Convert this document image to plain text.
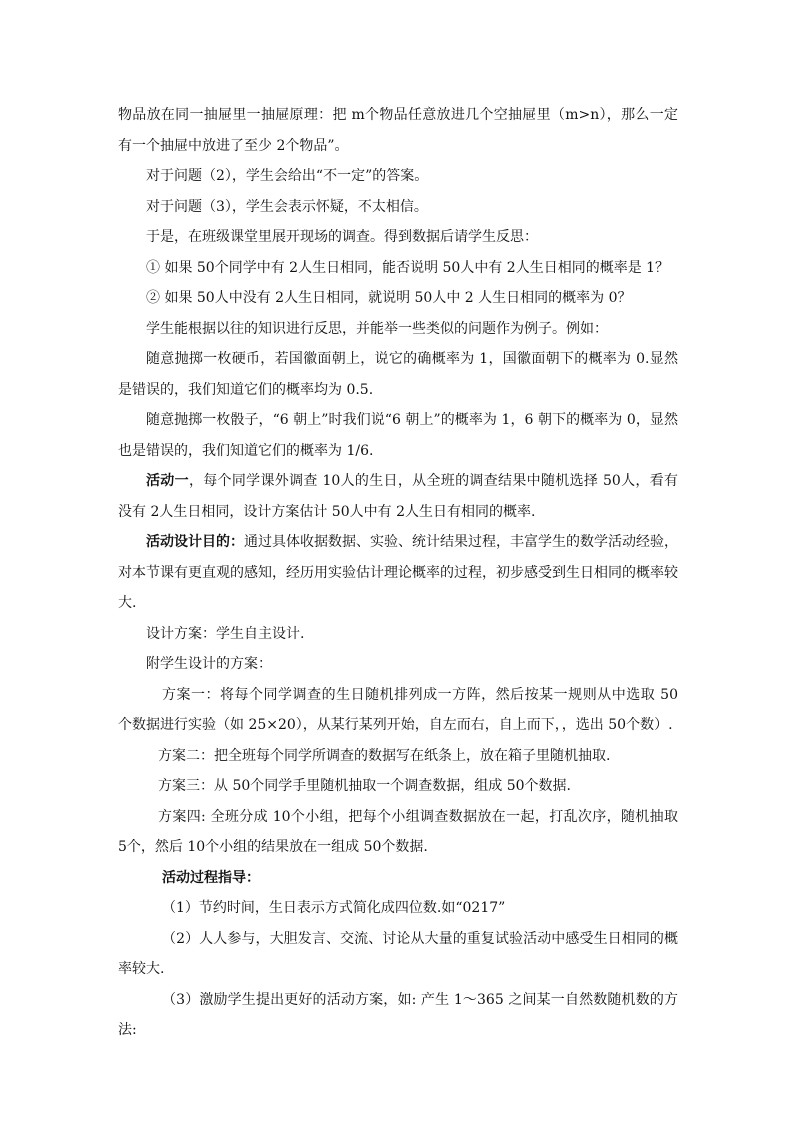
物品放在同一抽屉里一抽屉原理：把 m个物品任意放进几个空抽屉里（m>n），那么一定有一个抽屉中放进了至少 2个物品”。

对于问题（2），学生会给出“不一定”的答案。

对于问题（3），学生会表示怀疑，不太相信。

于是，在班级课堂里展开现场的调查。得到数据后请学生反思：

① 如果 50个同学中有 2人生日相同，能否说明 50人中有 2人生日相同的概率是 1？

② 如果 50人中没有 2人生日相同，就说明 50人中 2 人生日相同的概率为 0？

学生能根据以往的知识进行反思，并能举一些类似的问题作为例子。例如：

随意抛掷一枚硬币，若国徽面朝上，说它的确概率为 1，国徽面朝下的概率为 0.显然是错误的，我们知道它们的概率均为 0.5.

随意抛掷一枚骰子，“6 朝上”时我们说“6 朝上”的概率为 1，6 朝下的概率为 0，显然也是错误的，我们知道它们的概率为 1/6.

活动一，每个同学课外调查 10人的生日，从全班的调查结果中随机选择 50人，看有没有 2人生日相同，设计方案估计 50人中有 2人生日有相同的概率.

活动设计目的：通过具体收据数据、实验、统计结果过程，丰富学生的数学活动经验，对本节课有更直观的感知，经历用实验估计理论概率的过程，初步感受到生日相同的概率较大.

设计方案：学生自主设计.

附学生设计的方案：

方案一：将每个同学调查的生日随机排列成一方阵，然后按某一规则从中选取 50 个数据进行实验（如 25×20），从某行某列开始，自左而右，自上而下，，选出 50个数）.

方案二：把全班每个同学所调查的数据写在纸条上，放在箱子里随机抽取.

方案三：从 50个同学手里随机抽取一个调查数据，组成 50个数据.

方案四: 全班分成 10个小组，把每个小组调查数据放在一起，打乱次序，随机抽取 5个，然后 10个小组的结果放在一组成 50个数据.

活动过程指导：

（1）节约时间，生日表示方式简化成四位数.如“0217”

（2）人人参与，大胆发言、交流、讨论从大量的重复试验活动中感受生日相同的概率较大.

（3）激励学生提出更好的活动方案，如: 产生 1～365 之间某一自然数随机数的方法:
